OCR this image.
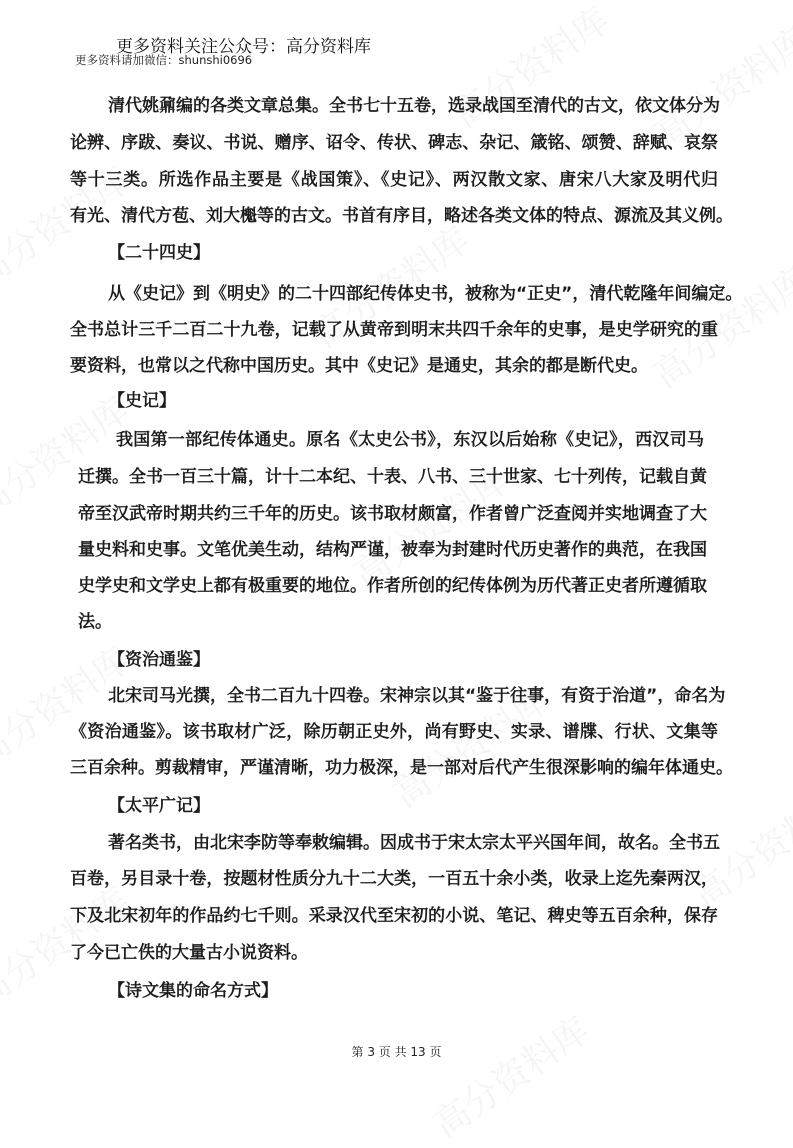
更多资料关注公众号：高分资料库
更多资料请加微信：shunshi0696
清代姚鼐编的各类文章总集。全书七十五卷，选录战国至清代的古文，依文体分为
论辨、序跋、奏议、书说、赠序、诏令、传状、碑志、杂记、箴铭、颂赞、辞赋、哀祭
等十三类。所选作品主要是《战国策》、《史记》、两汉散文家、唐宋八大家及明代归
有光、清代方苞、刘大櫆等的古文。书首有序目，略述各类文体的特点、源流及其义例。
【二十四史】
从《史记》到《明史》的二十四部纪传体史书，被称为“正史”，清代乾隆年间编定。
全书总计三千二百二十九卷，记载了从黄帝到明末共四千余年的史事，是史学研究的重
要资料，也常以之代称中国历史。其中《史记》是通史，其余的都是断代史。
【史记】
我国第一部纪传体通史。原名《太史公书》，东汉以后始称《史记》，西汉司马
迁撰。全书一百三十篇，计十二本纪、十表、八书、三十世家、七十列传，记载自黄
帝至汉武帝时期共约三千年的历史。该书取材颇富，作者曾广泛查阅并实地调查了大
量史料和史事。文笔优美生动，结构严谨，被奉为封建时代历史著作的典范，在我国
史学史和文学史上都有极重要的地位。作者所创的纪传体例为历代著正史者所遵循取
法。
【资治通鉴】
北宋司马光撰，全书二百九十四卷。宋神宗以其“鉴于往事，有资于治道”，命名为
《资治通鉴》。该书取材广泛，除历朝正史外，尚有野史、实录、谱牒、行状、文集等
三百余种。剪裁精审，严谨清晰，功力极深，是一部对后代产生很深影响的编年体通史。
【太平广记】
著名类书，由北宋李防等奉敕编辑。因成书于宋太宗太平兴国年间，故名。全书五
百卷，另目录十卷，按题材性质分九十二大类，一百五十余小类，收录上迄先秦两汉，
下及北宋初年的作品约七千则。采录汉代至宋初的小说、笔记、稗史等五百余种，保存
了今已亡佚的大量古小说资料。
【诗文集的命名方式】
第 3 页 共 13 页
